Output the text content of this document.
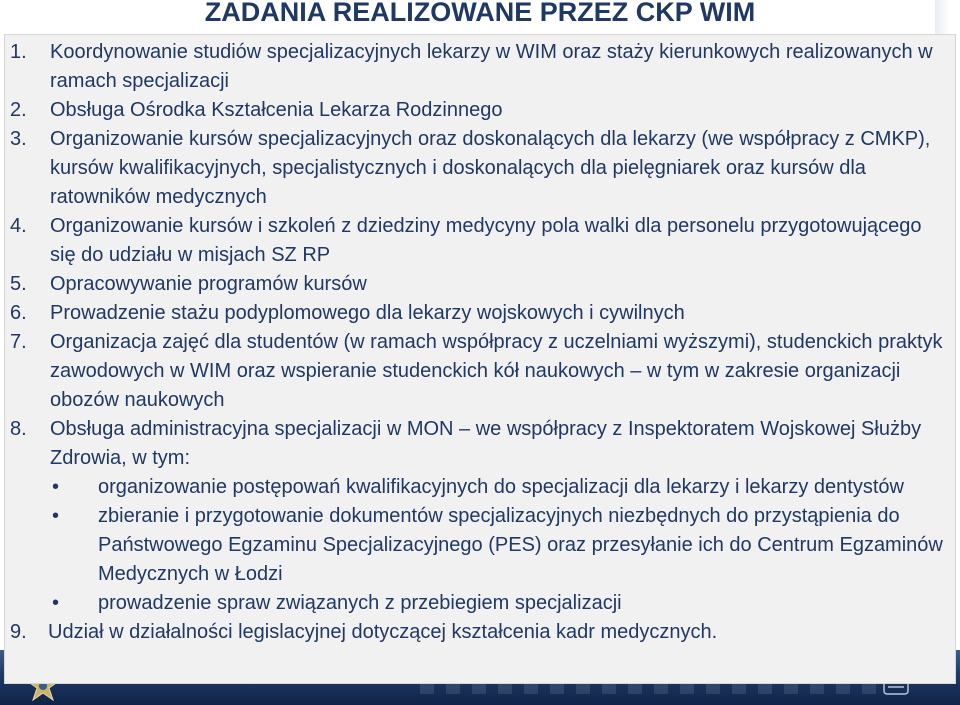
ZADANIA REALIZOWANE PRZEZ CKP WIM
1. Koordynowanie studiów specjalizacyjnych lekarzy w WIM oraz staży kierunkowych realizowanych w ramach specjalizacji
2. Obsługa Ośrodka Kształcenia Lekarza Rodzinnego
3. Organizowanie kursów specjalizacyjnych oraz doskonalących dla lekarzy (we współpracy z CMKP), kursów kwalifikacyjnych, specjalistycznych i doskonalących dla pielęgniarek oraz kursów dla ratowników medycznych
4. Organizowanie kursów i szkoleń z dziedziny medycyny pola walki dla personelu przygotowującego się do udziału w misjach SZ RP
5. Opracowywanie programów kursów
6. Prowadzenie stażu podyplomowego dla lekarzy wojskowych i cywilnych
7. Organizacja zajęć dla studentów (w ramach współpracy z uczelniami wyższymi), studenckich praktyk zawodowych w WIM oraz wspieranie studenckich kół naukowych – w tym w zakresie organizacji obozów naukowych
8. Obsługa administracyjna specjalizacji w MON – we współpracy z Inspektoratem Wojskowej Służby Zdrowia, w tym:
• organizowanie postępowań kwalifikacyjnych do specjalizacji dla lekarzy i lekarzy dentystów
• zbieranie i przygotowanie dokumentów specjalizacyjnych niezbędnych do przystąpienia do Państwowego Egzaminu Specjalizacyjnego (PES) oraz przesyłanie ich do Centrum Egzaminów Medycznych w Łodzi
• prowadzenie spraw związanych z przebiegiem specjalizacji
9. Udział w działalności legislacyjnej dotyczącej kształcenia kadr medycznych.
